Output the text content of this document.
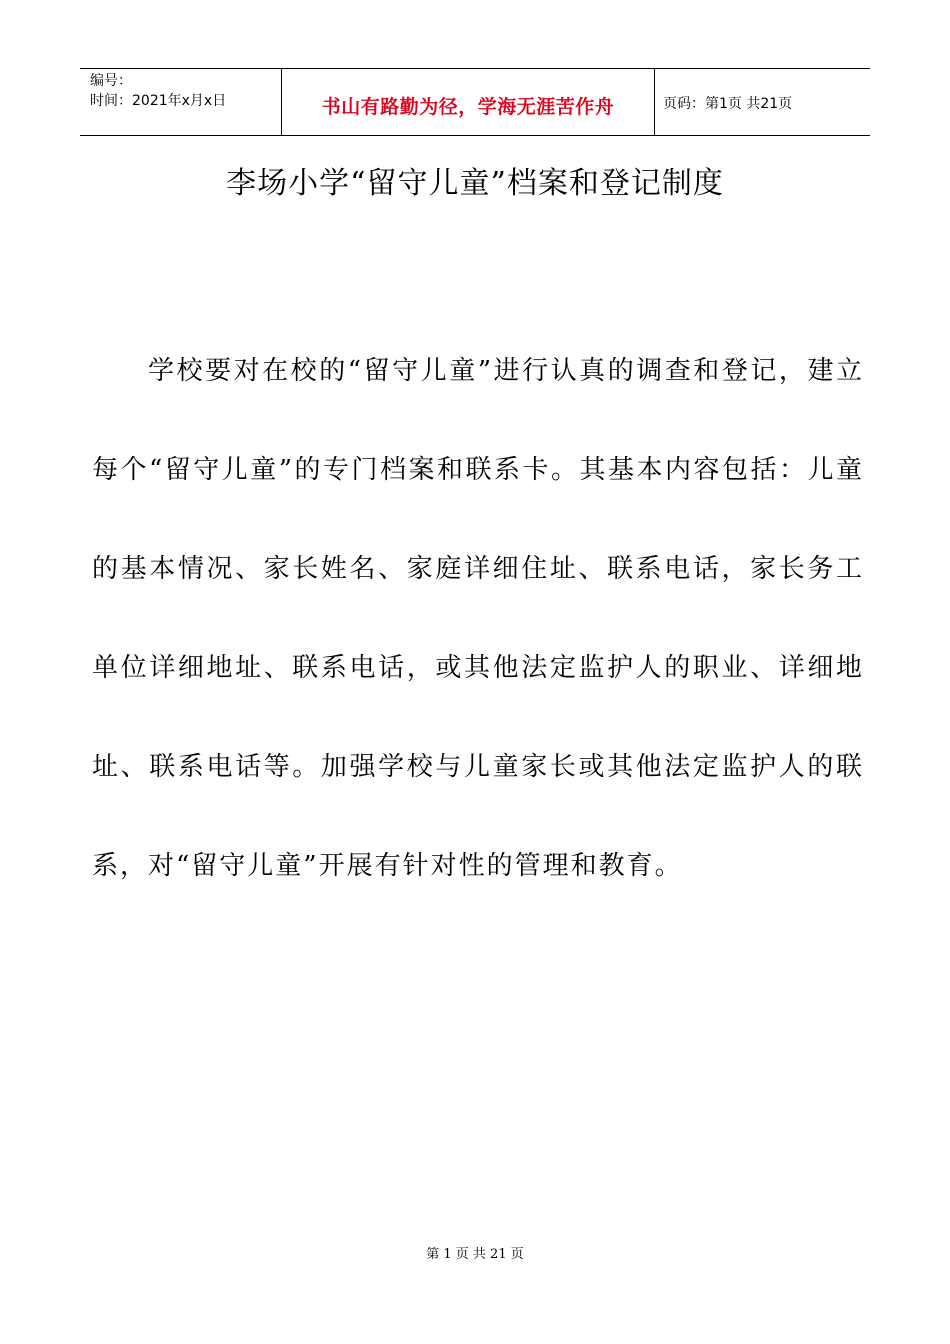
编号：
时间：2021年x月x日	书山有路勤为径，学海无涯苦作舟	页码：第1页 共21页
李场小学“留守儿童”档案和登记制度

学校要对在校的“留守儿童”进行认真的调查和登记，建立每个“留守儿童”的专门档案和联系卡。其基本内容包括：儿童的基本情况、家长姓名、家庭详细住址、联系电话，家长务工单位详细地址、联系电话，或其他法定监护人的职业、详细地址、联系电话等。加强学校与儿童家长或其他法定监护人的联系，对“留守儿童”开展有针对性的管理和教育。

第 1 页 共 21 页
